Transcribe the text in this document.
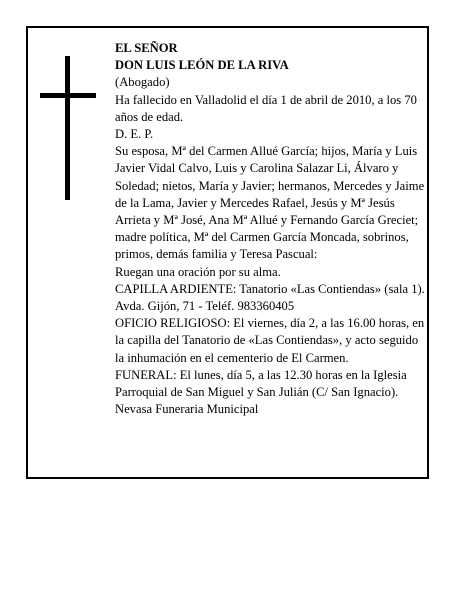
EL SEÑOR

DON LUIS LEÓN DE LA RIVA

(Abogado)

Ha fallecido en Valladolid el día 1 de abril de 2010, a los 70 años de edad.

D. E. P.

Su esposa, Mª del Carmen Allué García; hijos, María y Luis Javier Vidal Calvo, Luis y Carolina Salazar Li, Álvaro y Soledad; nietos, María y Javier; hermanos, Mercedes y Jaime de la Lama, Javier y Mercedes Rafael, Jesús y Mª Jesús Arrieta y Mª José, Ana Mª Allué y Fernando García Greciet; madre política, Mª del Carmen García Moncada, sobrinos, primos, demás familia y Teresa Pascual:

Ruegan una oración por su alma.

CAPILLA ARDIENTE: Tanatorio «Las Contiendas» (sala 1). Avda. Gijón, 71 - Teléf. 983360405

OFICIO RELIGIOSO: El viernes, día 2, a las 16.00 horas, en la capilla del Tanatorio de «Las Contiendas», y acto seguido la inhumación en el cementerio de El Carmen.

FUNERAL: El lunes, día 5, a las 12.30 horas en la Iglesia Parroquial de San Miguel y San Julián (C/ San Ignacio).

Nevasa Funeraria Municipal
